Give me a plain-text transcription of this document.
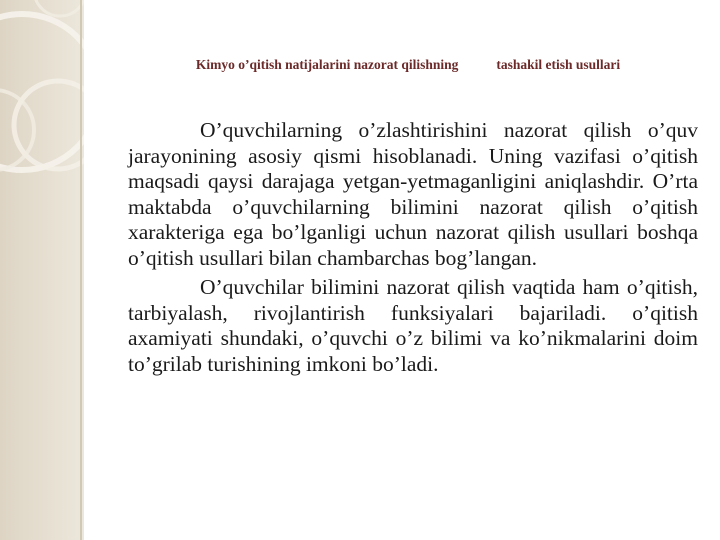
Kimyo o’qitish natijalarini nazorat qilishning	tashakil etish usullari

O’quvchilarning o’zlashtirishini nazorat qilish o’quv jarayonining asosiy qismi hisoblanadi. Uning vazifasi o’qitish maqsadi qaysi darajaga yetgan-yetmaganligini aniqlashdir. O’rta maktabda o’quvchilarning bilimini nazorat qilish o’qitish xarakteriga ega bo’lganligi uchun nazorat qilish usullari boshqa o’qitish usullari bilan chambarchas bog’langan.

O’quvchilar bilimini nazorat qilish vaqtida ham o’qitish, tarbiyalash, rivojlantirish funksiyalari bajariladi. o’qitish axamiyati shundaki, o’quvchi o’z bilimi va ko’nikmalarini doim to’grilab turishining imkoni bo’ladi.
